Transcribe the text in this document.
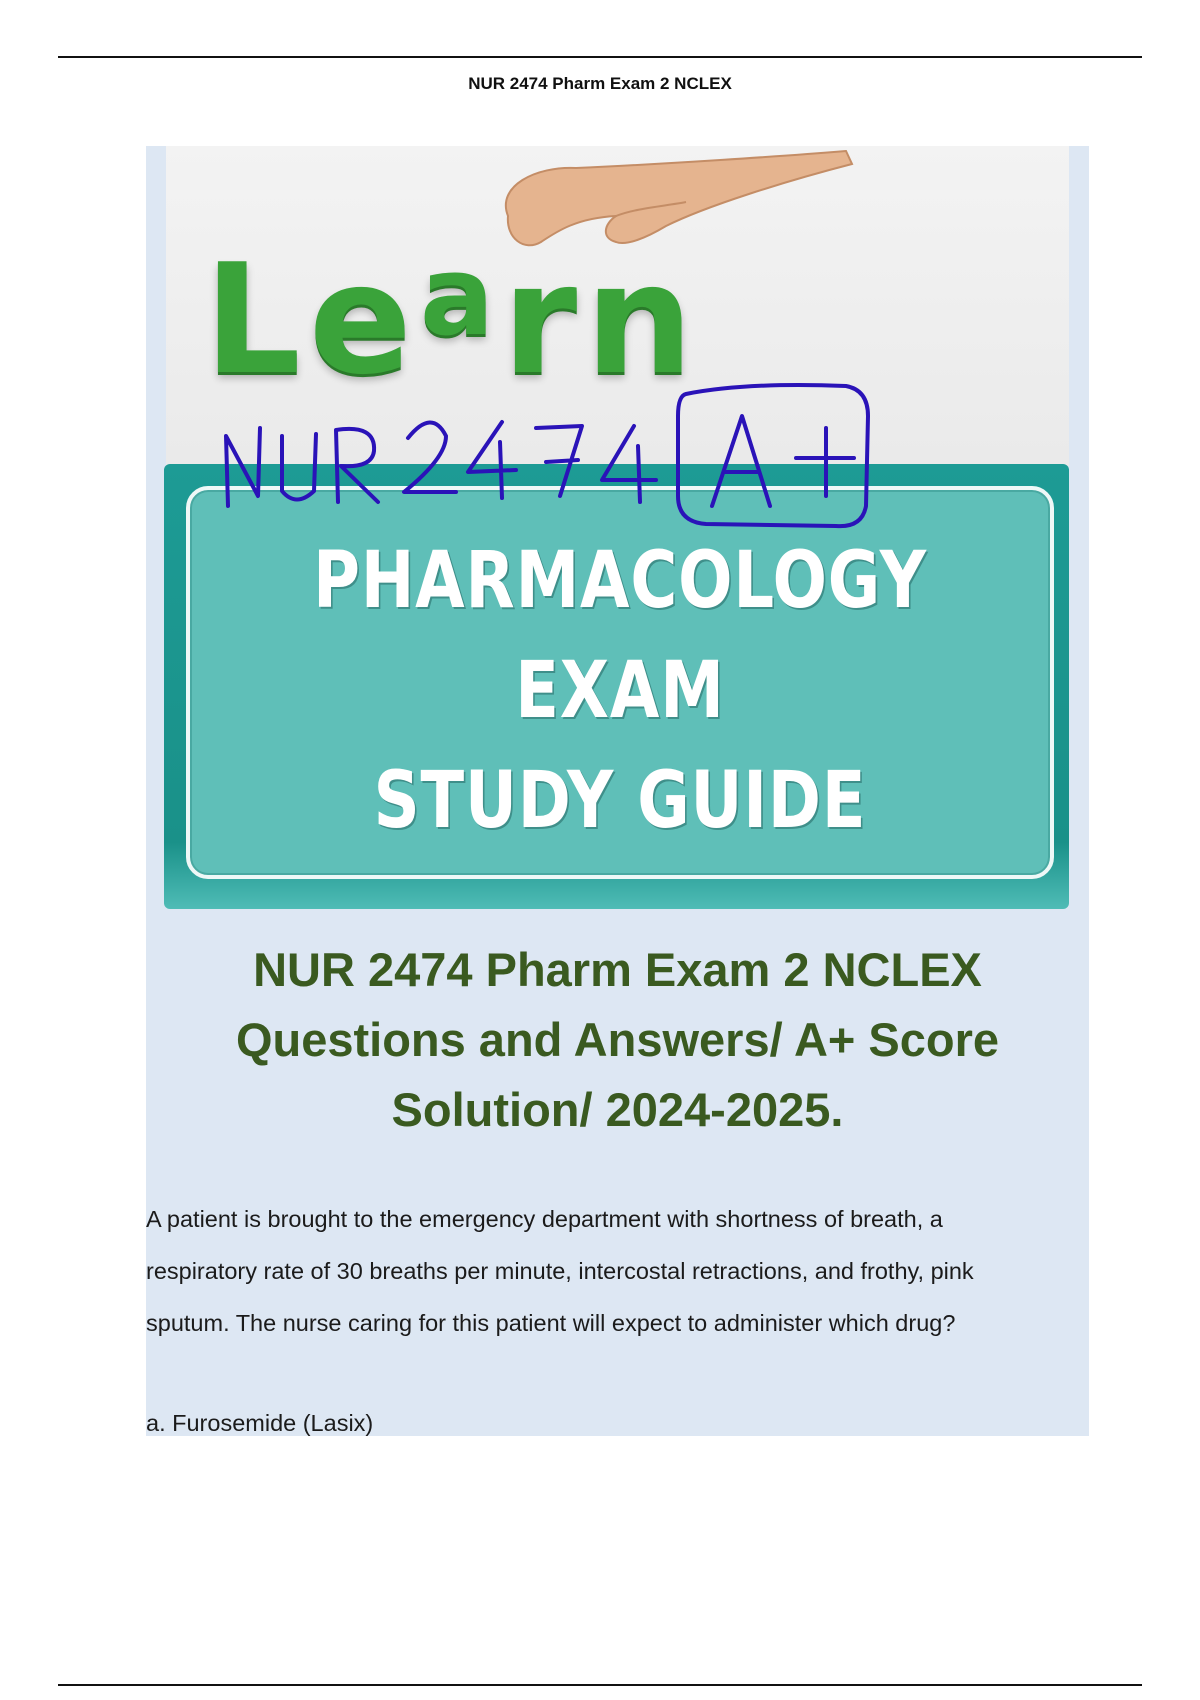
NUR 2474 Pharm Exam 2 NCLEX
Le$^a$rn
PHARMACOLOGY
EXAM
STUDY GUIDE
NUR 2474 Pharm Exam 2 NCLEX
Questions and Answers/ A+ Score
Solution/ 2024-2025.
A patient is brought to the emergency department with shortness of breath, a
respiratory rate of 30 breaths per minute, intercostal retractions, and frothy, pink
sputum. The nurse caring for this patient will expect to administer which drug?
a. Furosemide (Lasix)
